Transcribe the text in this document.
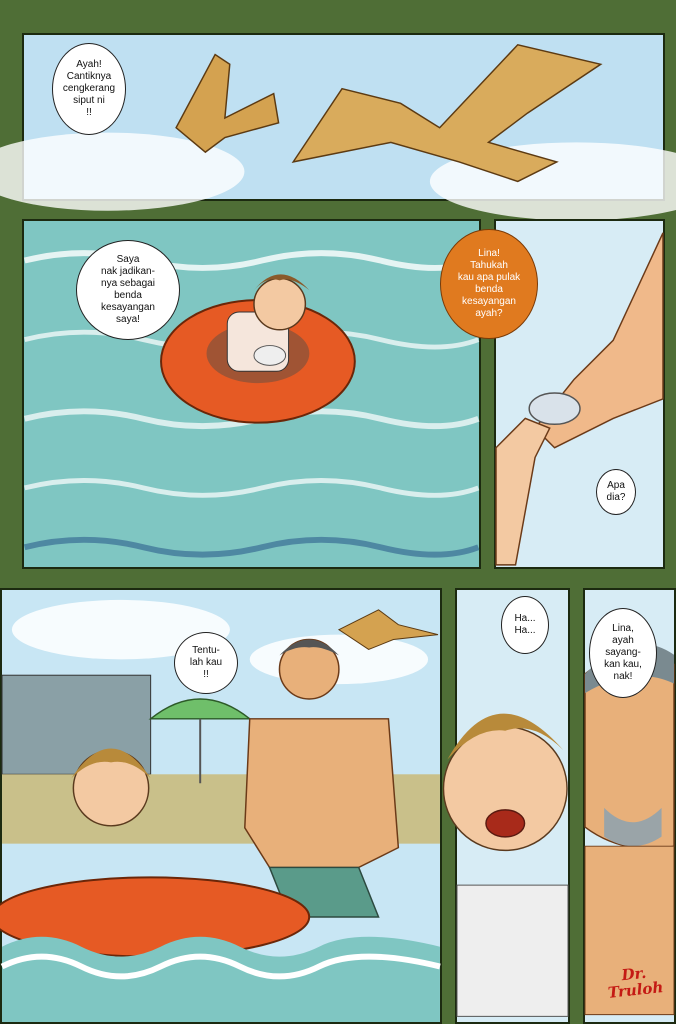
Ayah!
Cantiknya
cengkerang
siput ni
!!
Saya
nak jadikan-
nya sebagai
benda
kesayangan
saya!
Lina!
Tahukah
kau apa pulak
benda
kesayangan
ayah?
Apa
dia?
Tentu-
lah kau
!!
Ha...
Ha...	Lina,
ayah
sayang-
kan kau,
nak!
Dr.
Truloh
